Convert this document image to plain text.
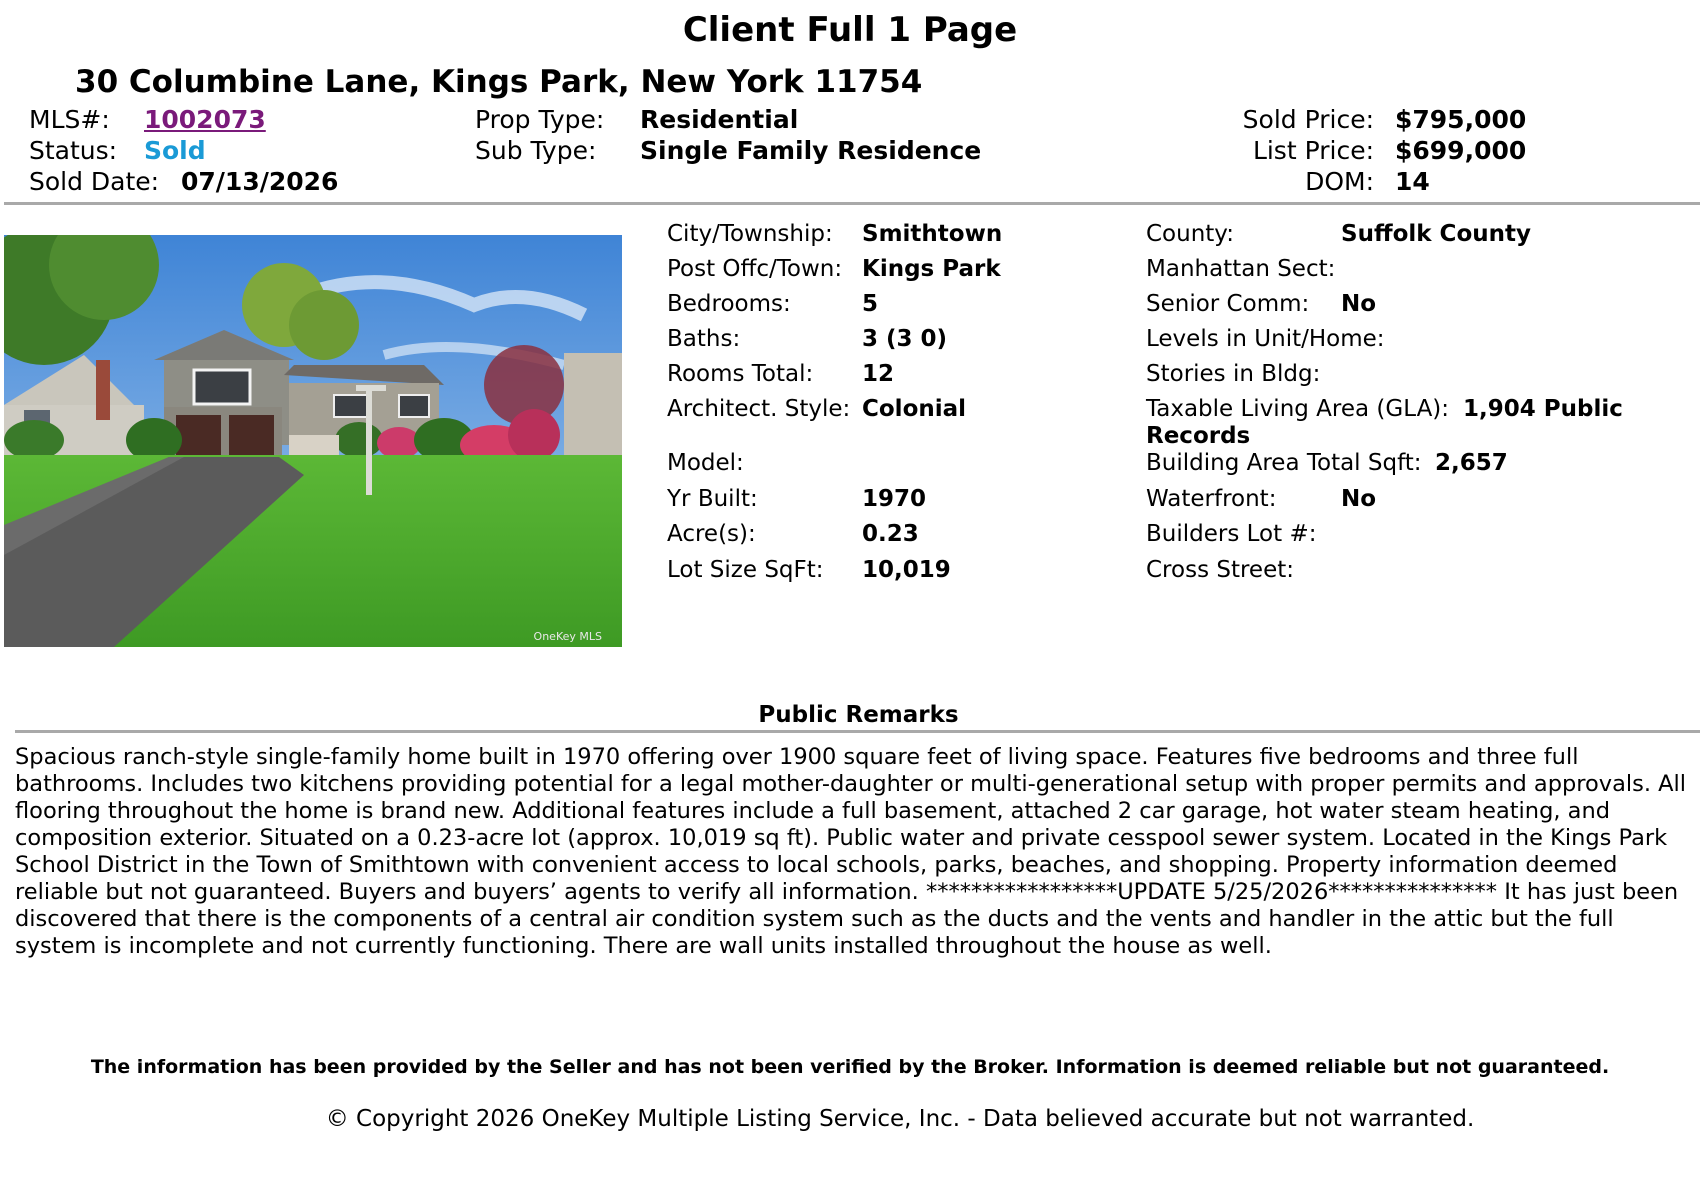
Client Full 1 Page
30 Columbine Lane, Kings Park, New York 11754
MLS#: 1002073
Status: Sold
Sold Date: 07/13/2026
Prop Type: Residential
Sub Type: Single Family Residence
Sold Price: $795,000
List Price: $699,000
DOM: 14
OneKey MLS
City/Township: Smithtown
Post Offc/Town: Kings Park
Bedrooms:	5
Baths:	3 (3 0)
Rooms Total: 12
Architect. Style: Colonial
Model:
Yr Built:	1970
Acre(s):	0.23
Lot Size SqFt: 10,019
County:	Suffolk County
Manhattan Sect:
Senior Comm: No
Levels in Unit/Home:
Stories in Bldg:
Taxable Living Area (GLA): 1,904 Public
Records
Building Area Total Sqft: 2,657
Waterfront:	No
Builders Lot #:
Cross Street:
Public Remarks
Spacious ranch-style single-family home built in 1970 offering over 1900 square feet of living space. Features five bedrooms and three full bathrooms. Includes two kitchens providing potential for a legal mother-daughter or multi-generational setup with proper permits and approvals. All flooring throughout the home is brand new. Additional features include a full basement, attached 2 car garage, hot water steam heating, and composition exterior. Situated on a 0.23-acre lot (approx. 10,019 sq ft). Public water and private cesspool sewer system. Located in the Kings Park School District in the Town of Smithtown with convenient access to local schools, parks, beaches, and shopping. Property information deemed reliable but not guaranteed. Buyers and buyers’ agents to verify all information. *****************UPDATE 5/25/2026*************** It has just been discovered that there is the components of a central air condition system such as the ducts and the vents and handler in the attic but the full system is incomplete and not currently functioning. There are wall units installed throughout the house as well.
The information has been provided by the Seller and has not been verified by the Broker. Information is deemed reliable but not guaranteed.
© Copyright 2026 OneKey Multiple Listing Service, Inc. - Data believed accurate but not warranted.
